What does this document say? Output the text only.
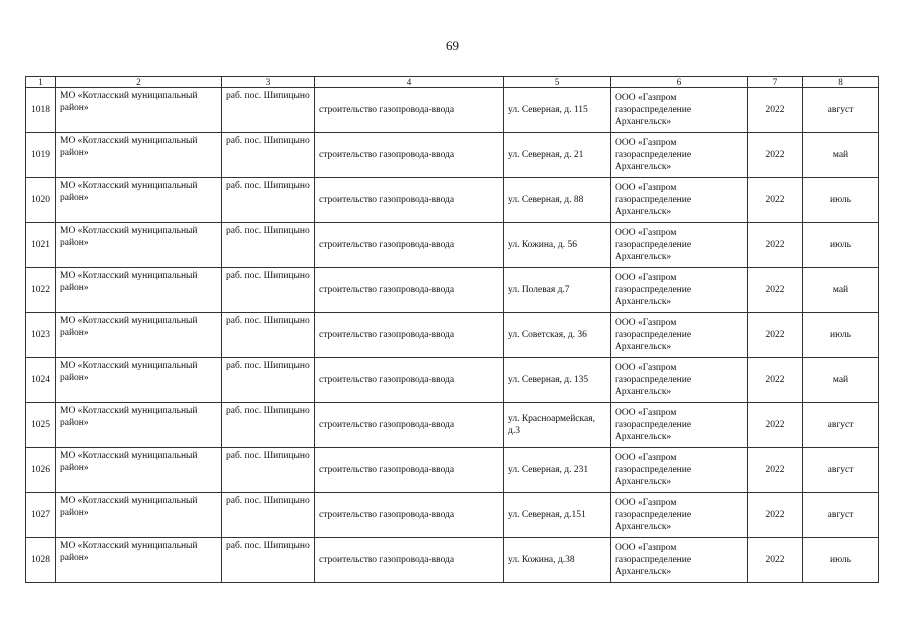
69
1	2	3	4	5	6	7	8
1018	МО «Котласский муниципальный район»	раб. пос. Шипицыно	строительство газопровода-ввода	ул. Северная, д. 115	ООО «Газпром газораспределение Архангельск»	2022	август
1019	МО «Котласский муниципальный район»	раб. пос. Шипицыно	строительство газопровода-ввода	ул. Северная, д. 21	ООО «Газпром газораспределение Архангельск»	2022	май
1020	МО «Котласский муниципальный район»	раб. пос. Шипицыно	строительство газопровода-ввода	ул. Северная, д. 88	ООО «Газпром газораспределение Архангельск»	2022	июль
1021	МО «Котласский муниципальный район»	раб. пос. Шипицыно	строительство газопровода-ввода	ул. Кожина, д. 56	ООО «Газпром газораспределение Архангельск»	2022	июль
1022	МО «Котласский муниципальный район»	раб. пос. Шипицыно	строительство газопровода-ввода	ул. Полевая д.7	ООО «Газпром газораспределение Архангельск»	2022	май
1023	МО «Котласский муниципальный район»	раб. пос. Шипицыно	строительство газопровода-ввода	ул. Советская, д. 36	ООО «Газпром газораспределение Архангельск»	2022	июль
1024	МО «Котласский муниципальный район»	раб. пос. Шипицыно	строительство газопровода-ввода	ул. Северная, д. 135	ООО «Газпром газораспределение Архангельск»	2022	май
1025	МО «Котласский муниципальный район»	раб. пос. Шипицыно	строительство газопровода-ввода	ул. Красноармейская, д.3	ООО «Газпром газораспределение Архангельск»	2022	август
1026	МО «Котласский муниципальный район»	раб. пос. Шипицыно	строительство газопровода-ввода	ул. Северная, д. 231	ООО «Газпром газораспределение Архангельск»	2022	август
1027	МО «Котласский муниципальный район»	раб. пос. Шипицыно	строительство газопровода-ввода	ул. Северная, д.151	ООО «Газпром газораспределение Архангельск»	2022	август
1028	МО «Котласский муниципальный район»	раб. пос. Шипицыно	строительство газопровода-ввода	ул. Кожина, д.38	ООО «Газпром газораспределение Архангельск»	2022	июль
